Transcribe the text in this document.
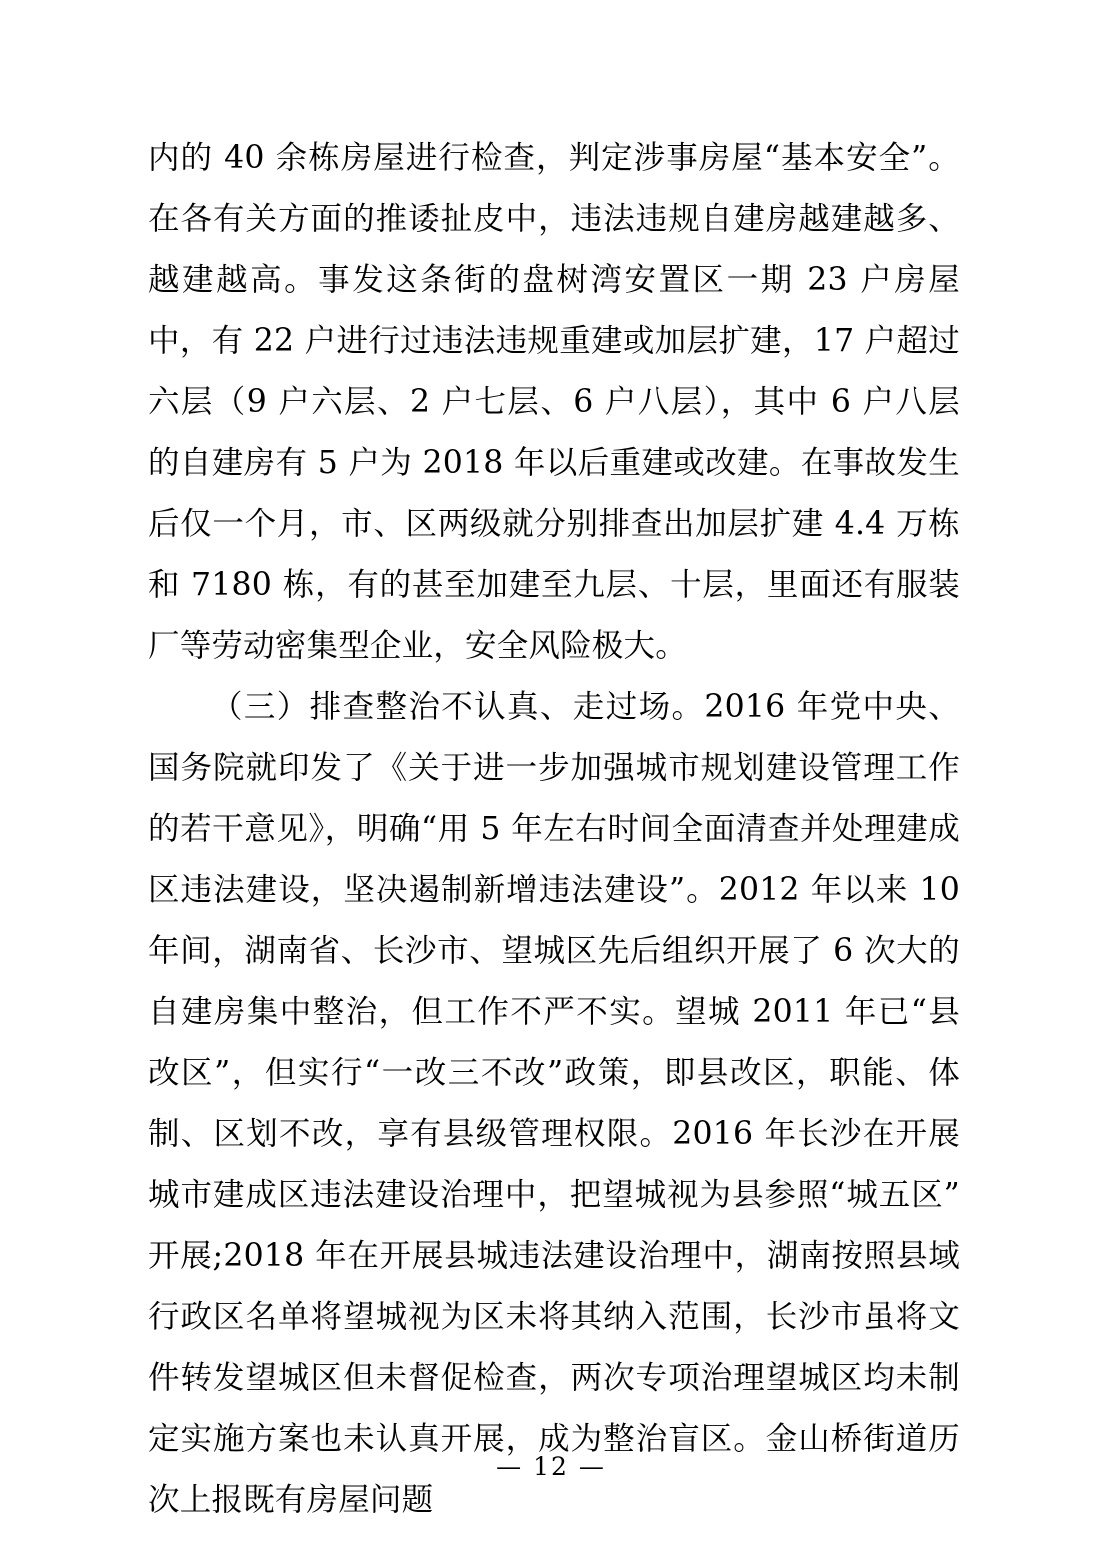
内的 40 余栋房屋进行检查，判定涉事房屋“基本安全”。在各有关方面的推诿扯皮中，违法违规自建房越建越多、越建越高。事发这条街的盘树湾安置区一期 23 户房屋中，有 22 户进行过违法违规重建或加层扩建，17 户超过六层（9 户六层、2 户七层、6 户八层），其中 6 户八层的自建房有 5 户为 2018 年以后重建或改建。在事故发生后仅一个月，市、区两级就分别排查出加层扩建 4.4 万栋和 7180 栋，有的甚至加建至九层、十层，里面还有服装厂等劳动密集型企业，安全风险极大。

（三）排查整治不认真、走过场。2016 年党中央、国务院就印发了《关于进一步加强城市规划建设管理工作的若干意见》，明确“用 5 年左右时间全面清查并处理建成区违法建设，坚决遏制新增违法建设”。2012 年以来 10 年间，湖南省、长沙市、望城区先后组织开展了 6 次大的自建房集中整治，但工作不严不实。望城 2011 年已“县改区”，但实行“一改三不改”政策，即县改区，职能、体制、区划不改，享有县级管理权限。2016 年长沙在开展城市建成区违法建设治理中，把望城视为县参照“城五区”开展;2018 年在开展县城违法建设治理中，湖南按照县域行政区名单将望城视为区未将其纳入范围，长沙市虽将文件转发望城区但未督促检查，两次专项治理望城区均未制定实施方案也未认真开展，成为整治盲区。金山桥街道历次上报既有房屋问题

— 12 —
